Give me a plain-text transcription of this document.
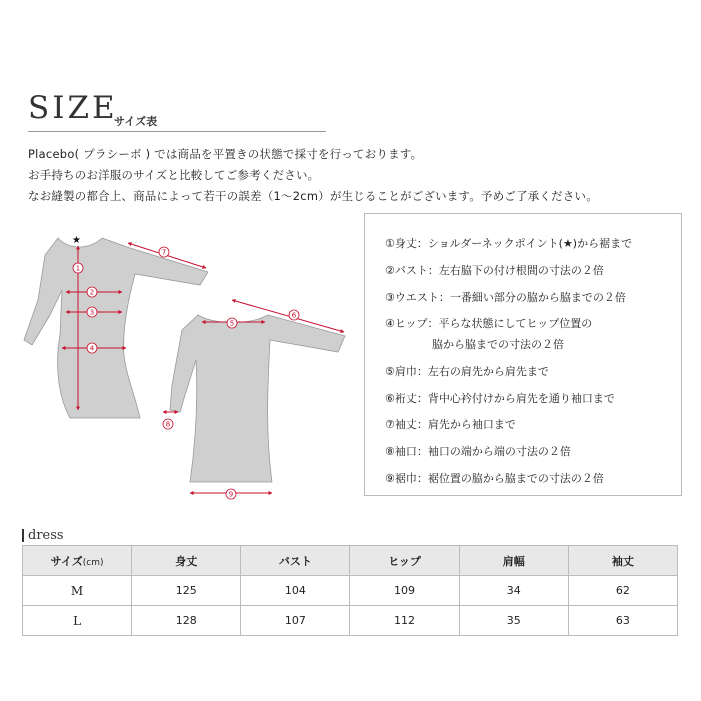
SIZE
サイズ表
Placebo( プラシーボ ) では商品を平置きの状態で採寸を行っております。
お手持ちのお洋服のサイズと比較してご参考ください。
なお縫製の都合上、商品によって若干の誤差（1〜2cm）が生じることがございます。予めご了承ください。
★
1
2
3
4
5
6
7
8
9
①身丈：ショルダーネックポイント(★)から裾まで
②バスト：左右脇下の付け根間の寸法の２倍
③ウエスト：一番細い部分の脇から脇までの２倍
④ヒップ：平らな状態にしてヒップ位置の
脇から脇までの寸法の２倍
⑤肩巾：左右の肩先から肩先まで
⑥裄丈：背中心衿付けから肩先を通り袖口まで
⑦袖丈：肩先から袖口まで
⑧袖口：袖口の端から端の寸法の２倍
⑨裾巾：裾位置の脇から脇までの寸法の２倍
dress
サイズ(cm)	身丈	バスト	ヒップ	肩幅	袖丈
M	125	104	109	34	62
L	128	107	112	35	63
